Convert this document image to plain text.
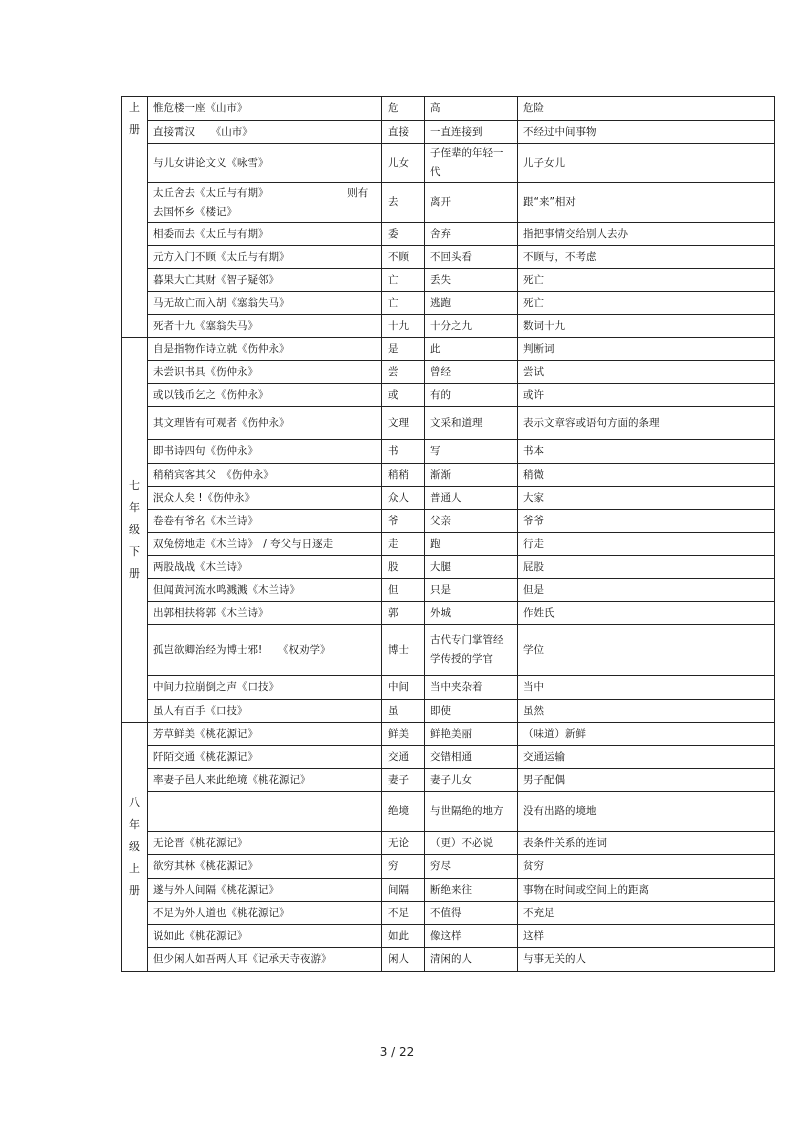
上册	惟危楼一座《山市》	危	高	危险
	直接霄汉　　《山市》	直接	一直连接到	不经过中间事物
	与儿女讲论文义《咏雪》	儿女	子侄辈的年轻一代	儿子女儿
	太丘舍去《太丘与有期》　　　　　　　　则有去国怀乡《楼记》	去	离开	跟“来”相对
	相委而去《太丘与有期》	委	舍弃	指把事情交给别人去办
	元方入门不顾《太丘与有期》	不顾	不回头看	不顾与，不考虑
	暮果大亡其财《智子疑邻》	亡	丢失	死亡
	马无故亡而入胡《塞翁失马》	亡	逃跑	死亡
	死者十九《塞翁失马》	十九	十分之九	数词十九
七年级下册	自是指物作诗立就《伤仲永》	是	此	判断词
	未尝识书具《伤仲永》	尝	曾经	尝试
	或以钱币乞之《伤仲永》	或	有的	或许
	其文理皆有可观者《伤仲永》	文理	文采和道理	表示文章容或语句方面的条理
	即书诗四句《伤仲永》	书	写	书本
	稍稍宾客其父　《伤仲永》	稍稍	渐渐	稍微
	泯众人矣 !《伤仲永》	众人	普通人	大家
	卷卷有爷名《木兰诗》	爷	父亲	爷爷
	双兔傍地走《木兰诗》　/ 夸父与日逐走	走	跑	行走
	两股战战《木兰诗》	股	大腿	屁股
	但闻黄河流水鸣溅溅《木兰诗》	但	只是	但是
	出郭相扶将郭《木兰诗》	郭	外城	作姓氏
	孤岂欲卿治经为博士邪!　　《权劝学》	博士	古代专门掌管经学传授的学官	学位
	中间力拉崩倒之声《口技》	中间	当中夹杂着	当中
	虽人有百手《口技》	虽	即使	虽然
八年级上册	芳草鲜美《桃花源记》	鲜美	鲜艳美丽	（味道）新鲜
	阡陌交通《桃花源记》	交通	交错相通	交通运输
	率妻子邑人来此绝境《桃花源记》	妻子	妻子儿女	男子配偶
		绝境	与世隔绝的地方	没有出路的境地
	无论晋《桃花源记》	无论	（更）不必说	表条件关系的连词
	欲穷其林《桃花源记》	穷	穷尽	贫穷
	遂与外人间隔《桃花源记》	间隔	断绝来往	事物在时间或空间上的距离
	不足为外人道也《桃花源记》	不足	不值得	不充足
	说如此《桃花源记》	如此	像这样	这样
	但少闲人如吾两人耳《记承天寺夜游》	闲人	清闲的人	与事无关的人
3 / 22
